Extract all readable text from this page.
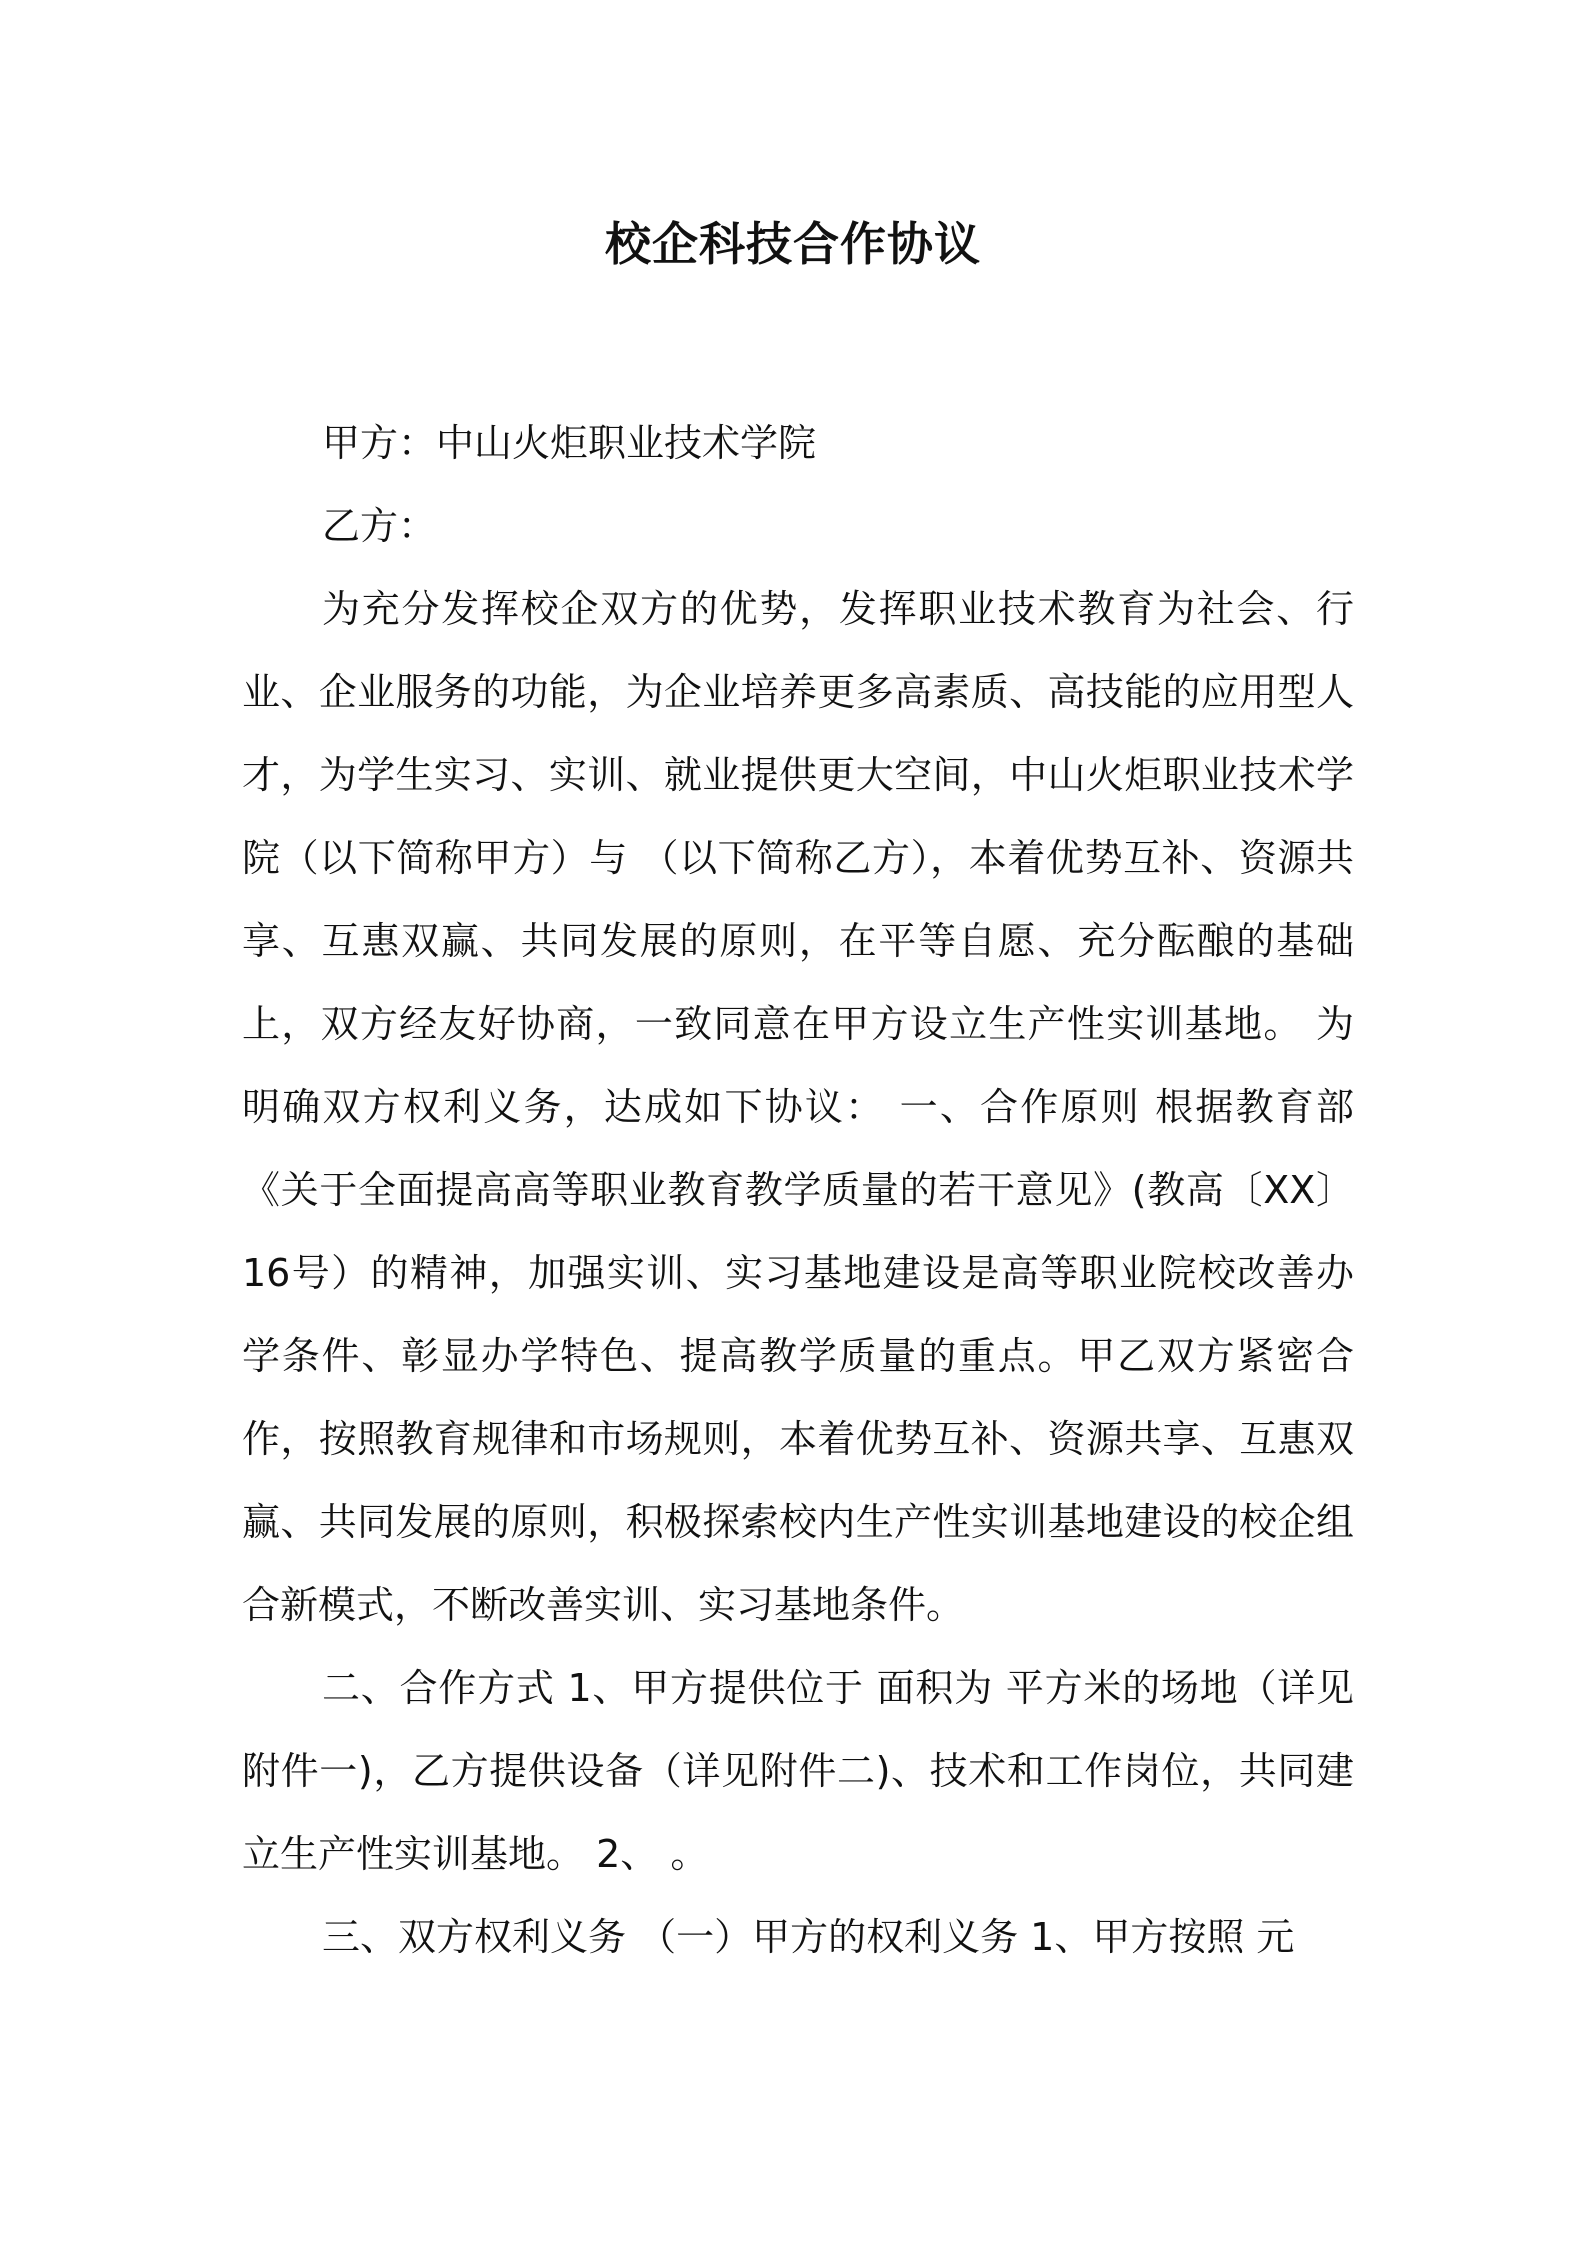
校企科技合作协议

甲方：中山火炬职业技术学院

乙方：

为充分发挥校企双方的优势，发挥职业技术教育为社会、行业、企业服务的功能，为企业培养更多高素质、高技能的应用型人才，为学生实习、实训、就业提供更大空间，中山火炬职业技术学院（以下简称甲方）与 （以下简称乙方），本着优势互补、资源共享、互惠双赢、共同发展的原则，在平等自愿、充分酝酿的基础上，双方经友好协商，一致同意在甲方设立生产性实训基地。 为明确双方权利义务，达成如下协议： 一、合作原则 根据教育部《关于全面提高高等职业教育教学质量的若干意见》(教高〔XX〕16号）的精神，加强实训、实习基地建设是高等职业院校改善办学条件、彰显办学特色、提高教学质量的重点。甲乙双方紧密合作，按照教育规律和市场规则，本着优势互补、资源共享、互惠双赢、共同发展的原则，积极探索校内生产性实训基地建设的校企组合新模式，不断改善实训、实习基地条件。

二、合作方式 1、甲方提供位于 面积为 平方米的场地（详见附件一)，乙方提供设备（详见附件二)、技术和工作岗位，共同建立生产性实训基地。 2、 。

三、双方权利义务 （一）甲方的权利义务 1、甲方按照 元
